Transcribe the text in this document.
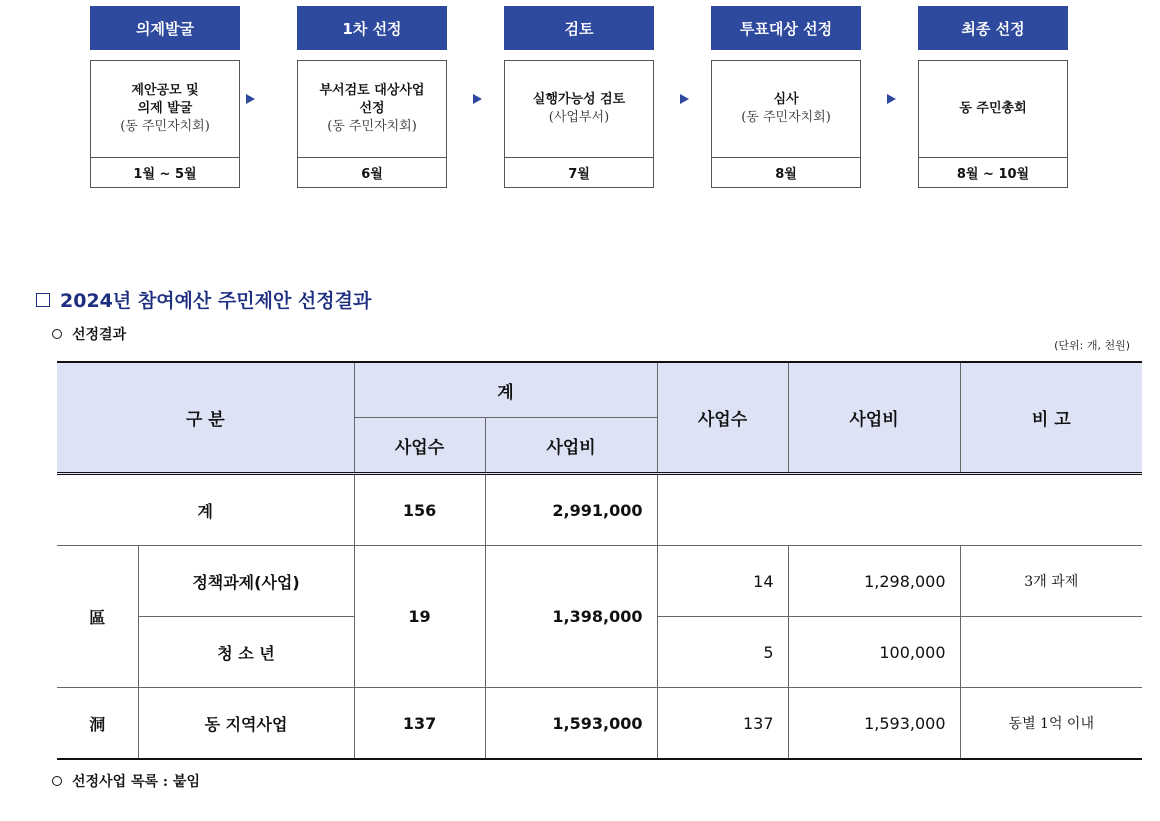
의제발굴
제안공모 및
의제 발굴
(동 주민자치회)
1월 ~ 5월
1차 선정
부서검토 대상사업
선정
(동 주민자치회)
6월
검토
실행가능성 검토
(사업부서)
7월
투표대상 선정
심사
(동 주민자치회)
8월
최종 선정
동 주민총회
8월 ~ 10월
2024년 참여예산 주민제안 선정결과
선정결과
(단위: 개, 천원)
구 분		계		사업수	사업비	비 고
		사업수	사업비			
계		156	2,991,000			
區	정책과제(사업)	19	1,398,000	14	1,298,000	3개 과제
	청 소 년			5	100,000	
洞	동 지역사업	137	1,593,000	137	1,593,000	동별 1억 이내
선정사업 목록 : 붙임
